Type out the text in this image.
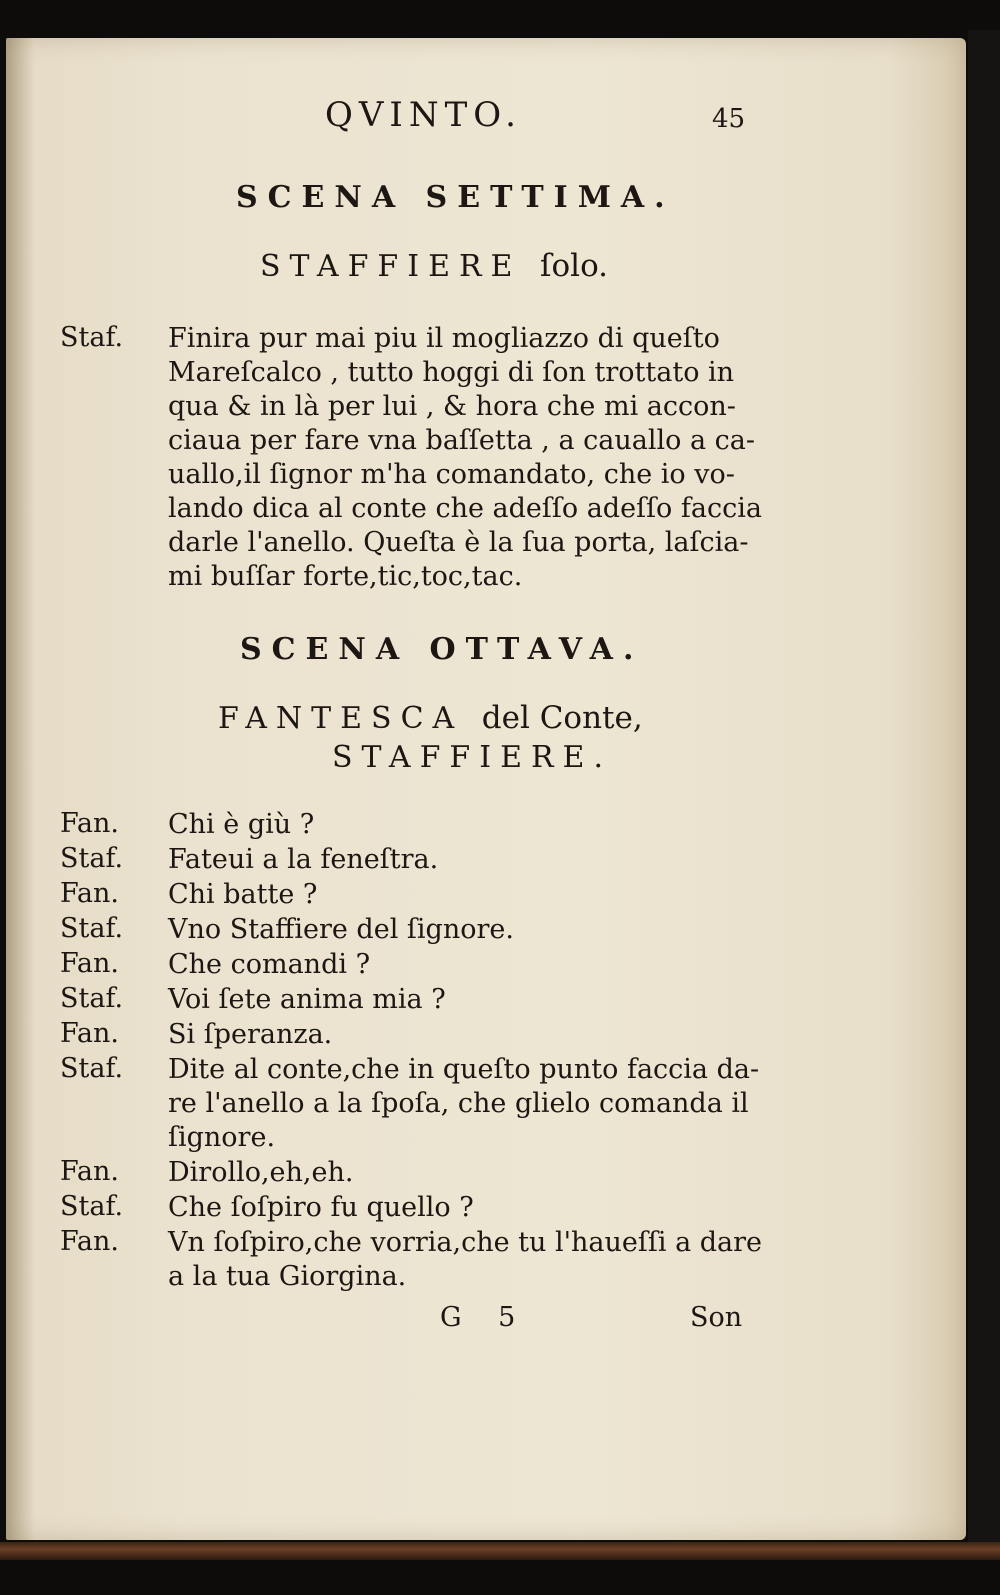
QVINTO.	45
SCENA SETTIMA.
STAFFIERE ſolo.
Staf. Finira pur mai piu il mogliazzo di queſto
Mareſcalco , tutto hoggi di ſon trottato in
qua & in là per lui , & hora che mi accon-
ciaua per fare vna baſſetta , a cauallo a ca-
uallo,il ſignor m'ha comandato, che io vo-
lando dica al conte che adeſſo adeſſo faccia
darle l'anello. Queſta è la ſua porta, laſcia-
mi buſſar forte,tic,toc,tac.
SCENA OTTAVA.
FANTESCA del Conte,
STAFFIERE.
Fan. Chi è giù ?
Staf. Fateui a la feneſtra.
Fan. Chi batte ?
Staf. Vno Staffiere del ſignore.
Fan. Che comandi ?
Staf. Voi ſete anima mia ?
Fan. Si ſperanza.
Staf. Dite al conte,che in queſto punto faccia da-
re l'anello a la ſpoſa, che glielo comanda il
ſignore.
Fan. Dirollo,eh,eh.
Staf. Che ſoſpiro fu quello ?
Fan. Vn ſoſpiro,che vorria,che tu l'haueſſi a dare
a la tua Giorgina.
G 5	Son
